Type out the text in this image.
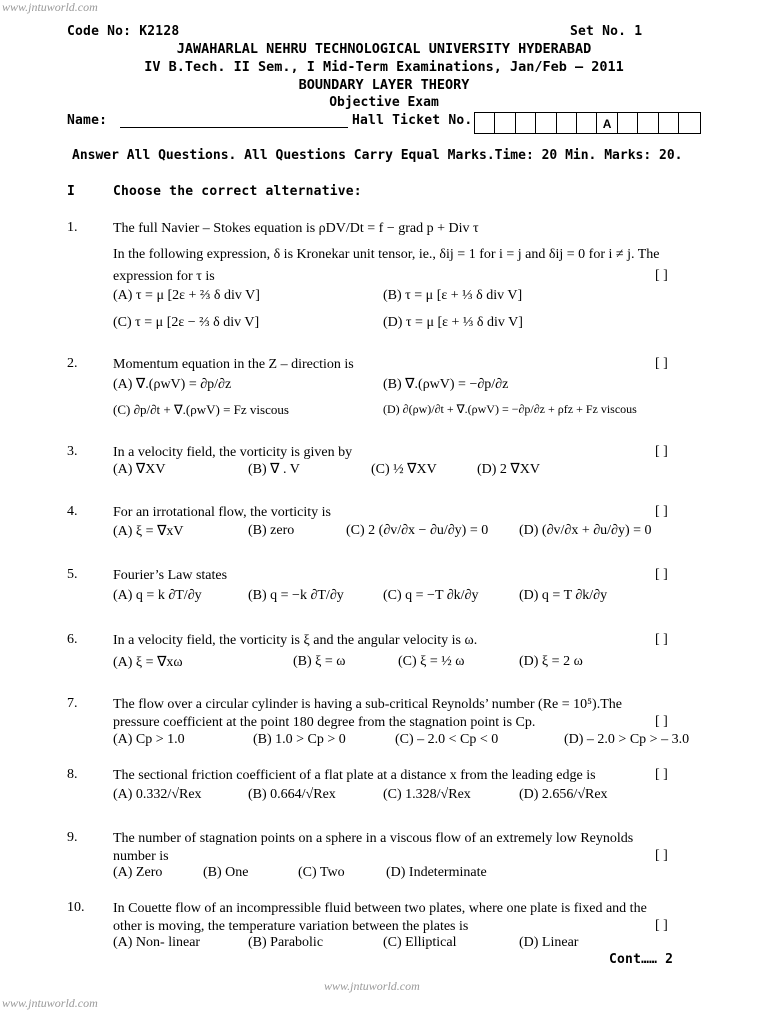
www.jntuworld.com
www.jntuworld.com
www.jntuworld.com
Code No: K2128	Set No. 1
JAWAHARLAL NEHRU TECHNOLOGICAL UNIVERSITY HYDERABAD
IV B.Tech. II Sem., I Mid-Term Examinations, Jan/Feb – 2011
BOUNDARY LAYER THEORY
Objective Exam
Name:	Hall Ticket No.	A
Answer All Questions. All Questions Carry Equal Marks.Time: 20 Min. Marks: 20.
I	Choose the correct alternative:
1.	The full Navier – Stokes equation is ρDV/Dt = f − grad p + Div τ
In the following expression, δ is Kronekar unit tensor, ie., δij = 1 for i = j and δij = 0 for i ≠ j. The
expression for τ is	[ ]
(A) τ = μ [2ε + ⅔ δ div V]	(B) τ = μ [ε + ⅓ δ div V]
(C) τ = μ [2ε − ⅔ δ div V]	(D) τ = μ [ε + ⅓ δ div V]
2.	Momentum equation in the Z – direction is	[ ]
(A) ∇.(ρwV) = ∂p/∂z	(B) ∇.(ρwV) = −∂p/∂z
(C) ∂p/∂t + ∇.(ρwV) = Fz viscous	(D) ∂(ρw)/∂t + ∇.(ρwV) = −∂p/∂z + ρfz + Fz viscous
3.	In a velocity field, the vorticity is given by	[ ]
(A) ∇XV	(B) ∇ . V	(C) ½ ∇XV	(D) 2 ∇XV
4.	For an irrotational flow, the vorticity is	[ ]
(A) ξ = ∇xV	(B) zero	(C) 2 (∂v/∂x − ∂u/∂y) = 0 (D) (∂v/∂x + ∂u/∂y) = 0
5.	Fourier’s Law states	[ ]
(A) q = k ∂T/∂y	(B) q = −k ∂T/∂y	(C) q = −T ∂k/∂y	(D) q = T ∂k/∂y
6.	In a velocity field, the vorticity is ξ and the angular velocity is ω.	[ ]
(A) ξ = ∇xω	(B) ξ = ω	(C) ξ = ½ ω	(D) ξ = 2 ω
7.	The flow over a circular cylinder is having a sub-critical Reynolds’ number (Re = 10⁵).The
pressure coefficient at the point 180 degree from the stagnation point is Cp.	[ ]
(A) Cp > 1.0	(B) 1.0 > Cp > 0	(C) – 2.0 < Cp < 0	(D) – 2.0 > Cp > – 3.0
8.	The sectional friction coefficient of a flat plate at a distance x from the leading edge is	[ ]
(A) 0.332/√Rex	(B) 0.664/√Rex	(C) 1.328/√Rex	(D) 2.656/√Rex
9.	The number of stagnation points on a sphere in a viscous flow of an extremely low Reynolds
number is	[ ]
(A) Zero	(B) One	(C) Two	(D) Indeterminate
10. In Couette flow of an incompressible fluid between two plates, where one plate is fixed and the
other is moving, the temperature variation between the plates is	[ ]
(A) Non- linear	(B) Parabolic	(C) Elliptical	(D) Linear
Cont…… 2
